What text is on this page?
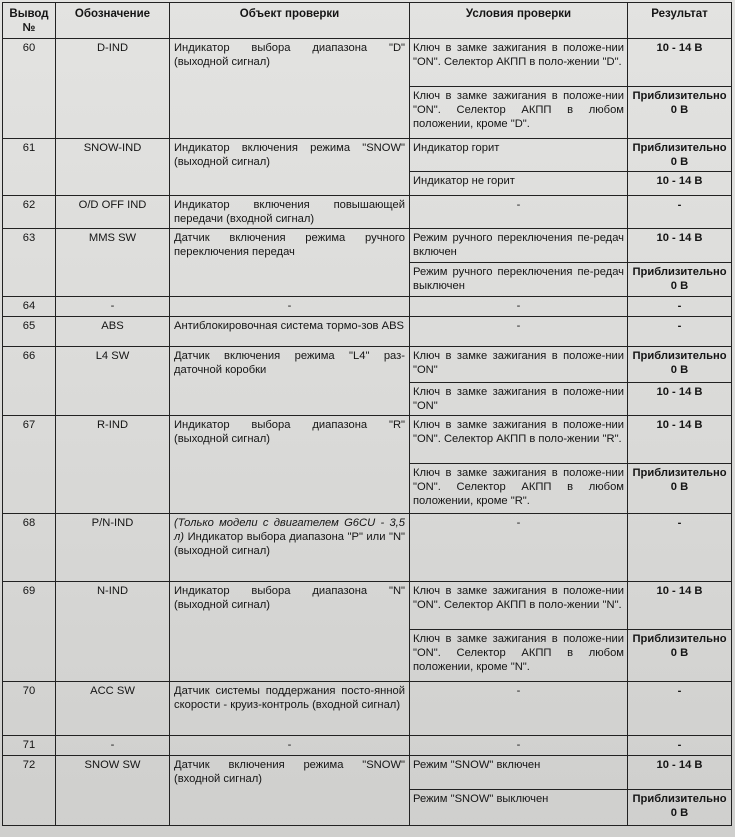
Вывод №	Обозначение	Объект проверки	Условия проверки	Результат
60	D-IND	Индикатор выбора диапазона "D" (выходной сигнал)	Ключ в замке зажигания в положе-нии "ON". Селектор АКПП в поло-жении "D".	10 - 14 В
			Ключ в замке зажигания в положе-нии "ON". Селектор АКПП в любом положении, кроме "D".	Приблизительно 0 В
61	SNOW-IND	Индикатор включения режима "SNOW" (выходной сигнал)	Индикатор горит	Приблизительно 0 В
			Индикатор не горит	10 - 14 В
62	O/D OFF IND	Индикатор включения повышающей передачи (входной сигнал)	-	-
63	MMS SW	Датчик включения режима ручного переключения передач	Режим ручного переключения пе-редач включен	10 - 14 В
			Режим ручного переключения пе-редач выключен	Приблизительно 0 В
64	-	-	-	-
65	ABS	Антиблокировочная система тормо-зов ABS	-	-
66	L4 SW	Датчик включения режима "L4" раз-даточной коробки	Ключ в замке зажигания в положе-нии "ON"	Приблизительно 0 В
			Ключ в замке зажигания в положе-нии "ON"	10 - 14 В
67	R-IND	Индикатор выбора диапазона "R" (выходной сигнал)	Ключ в замке зажигания в положе-нии "ON". Селектор АКПП в поло-жении "R".	10 - 14 В
			Ключ в замке зажигания в положе-нии "ON". Селектор АКПП в любом положении, кроме "R".	Приблизительно 0 В
68	P/N-IND	(Только модели с двигателем G6CU - 3,5 л) Индикатор выбора диапазона "P" или "N" (выходной сигнал)	-	-
69	N-IND	Индикатор выбора диапазона "N" (выходной сигнал)	Ключ в замке зажигания в положе-нии "ON". Селектор АКПП в поло-жении "N".	10 - 14 В
			Ключ в замке зажигания в положе-нии "ON". Селектор АКПП в любом положении, кроме "N".	Приблизительно 0 В
70	ACC SW	Датчик системы поддержания посто-янной скорости - круиз-контроль (входной сигнал)	-	-
71	-	-	-	-
72	SNOW SW	Датчик включения режима "SNOW" (входной сигнал)	Режим "SNOW" включен	10 - 14 В
			Режим "SNOW" выключен	Приблизительно 0 В
